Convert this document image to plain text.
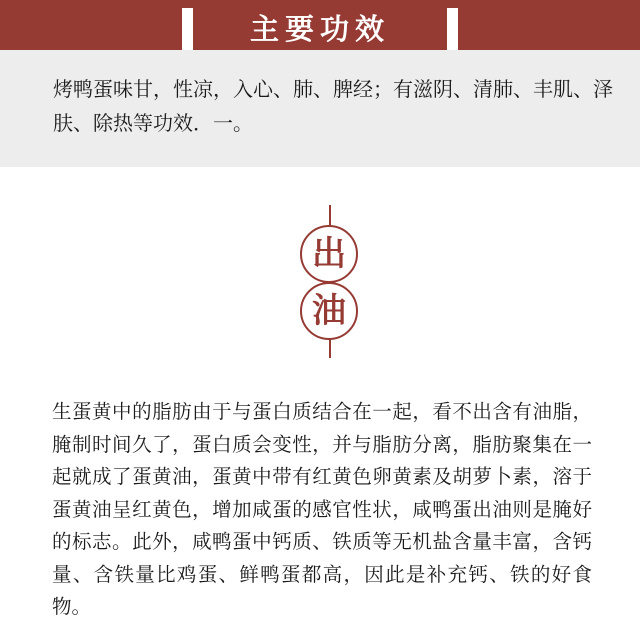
主要功效
烤鸭蛋味甘，性凉，入心、肺、脾经；有滋阴、清肺、丰肌、泽肤、除热等功效．一。
出
油
生蛋黄中的脂肪由于与蛋白质结合在一起，看不出含有油脂，腌制时间久了，蛋白质会变性，并与脂肪分离，脂肪聚集在一起就成了蛋黄油，蛋黄中带有红黄色卵黄素及胡萝卜素，溶于蛋黄油呈红黄色，增加咸蛋的感官性状，咸鸭蛋出油则是腌好的标志。此外，咸鸭蛋中钙质、铁质等无机盐含量丰富，含钙量、含铁量比鸡蛋、鲜鸭蛋都高，因此是补充钙、铁的好食物。
